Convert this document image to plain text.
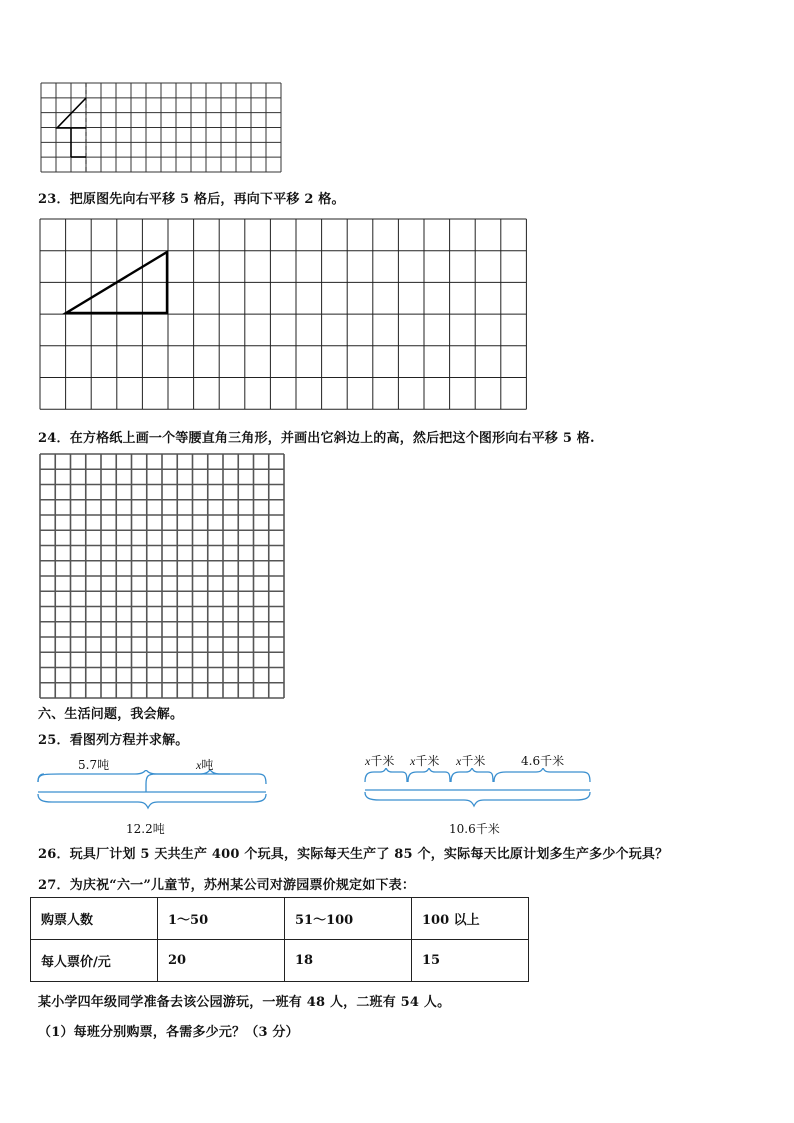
23．把原图先向右平移 5 格后，再向下平移 2 格。
24．在方格纸上画一个等腰直角三角形，并画出它斜边上的高，然后把这个图形向右平移 5 格.
六、生活问题，我会解。
25．看图列方程并求解。
5.7吨	x吨
12.2吨
x千米 x千米 x千米	4.6千米
10.6千米
26．玩具厂计划 5 天共生产 400 个玩具，实际每天生产了 85 个，实际每天比原计划多生产多少个玩具？
27．为庆祝“六一”儿童节，苏州某公司对游园票价规定如下表：
购票人数	1～50	51～100	100 以上
每人票价/元	20	18	15
某小学四年级同学准备去该公园游玩，一班有 48 人，二班有 54 人。
（1）每班分别购票，各需多少元？（3 分）
